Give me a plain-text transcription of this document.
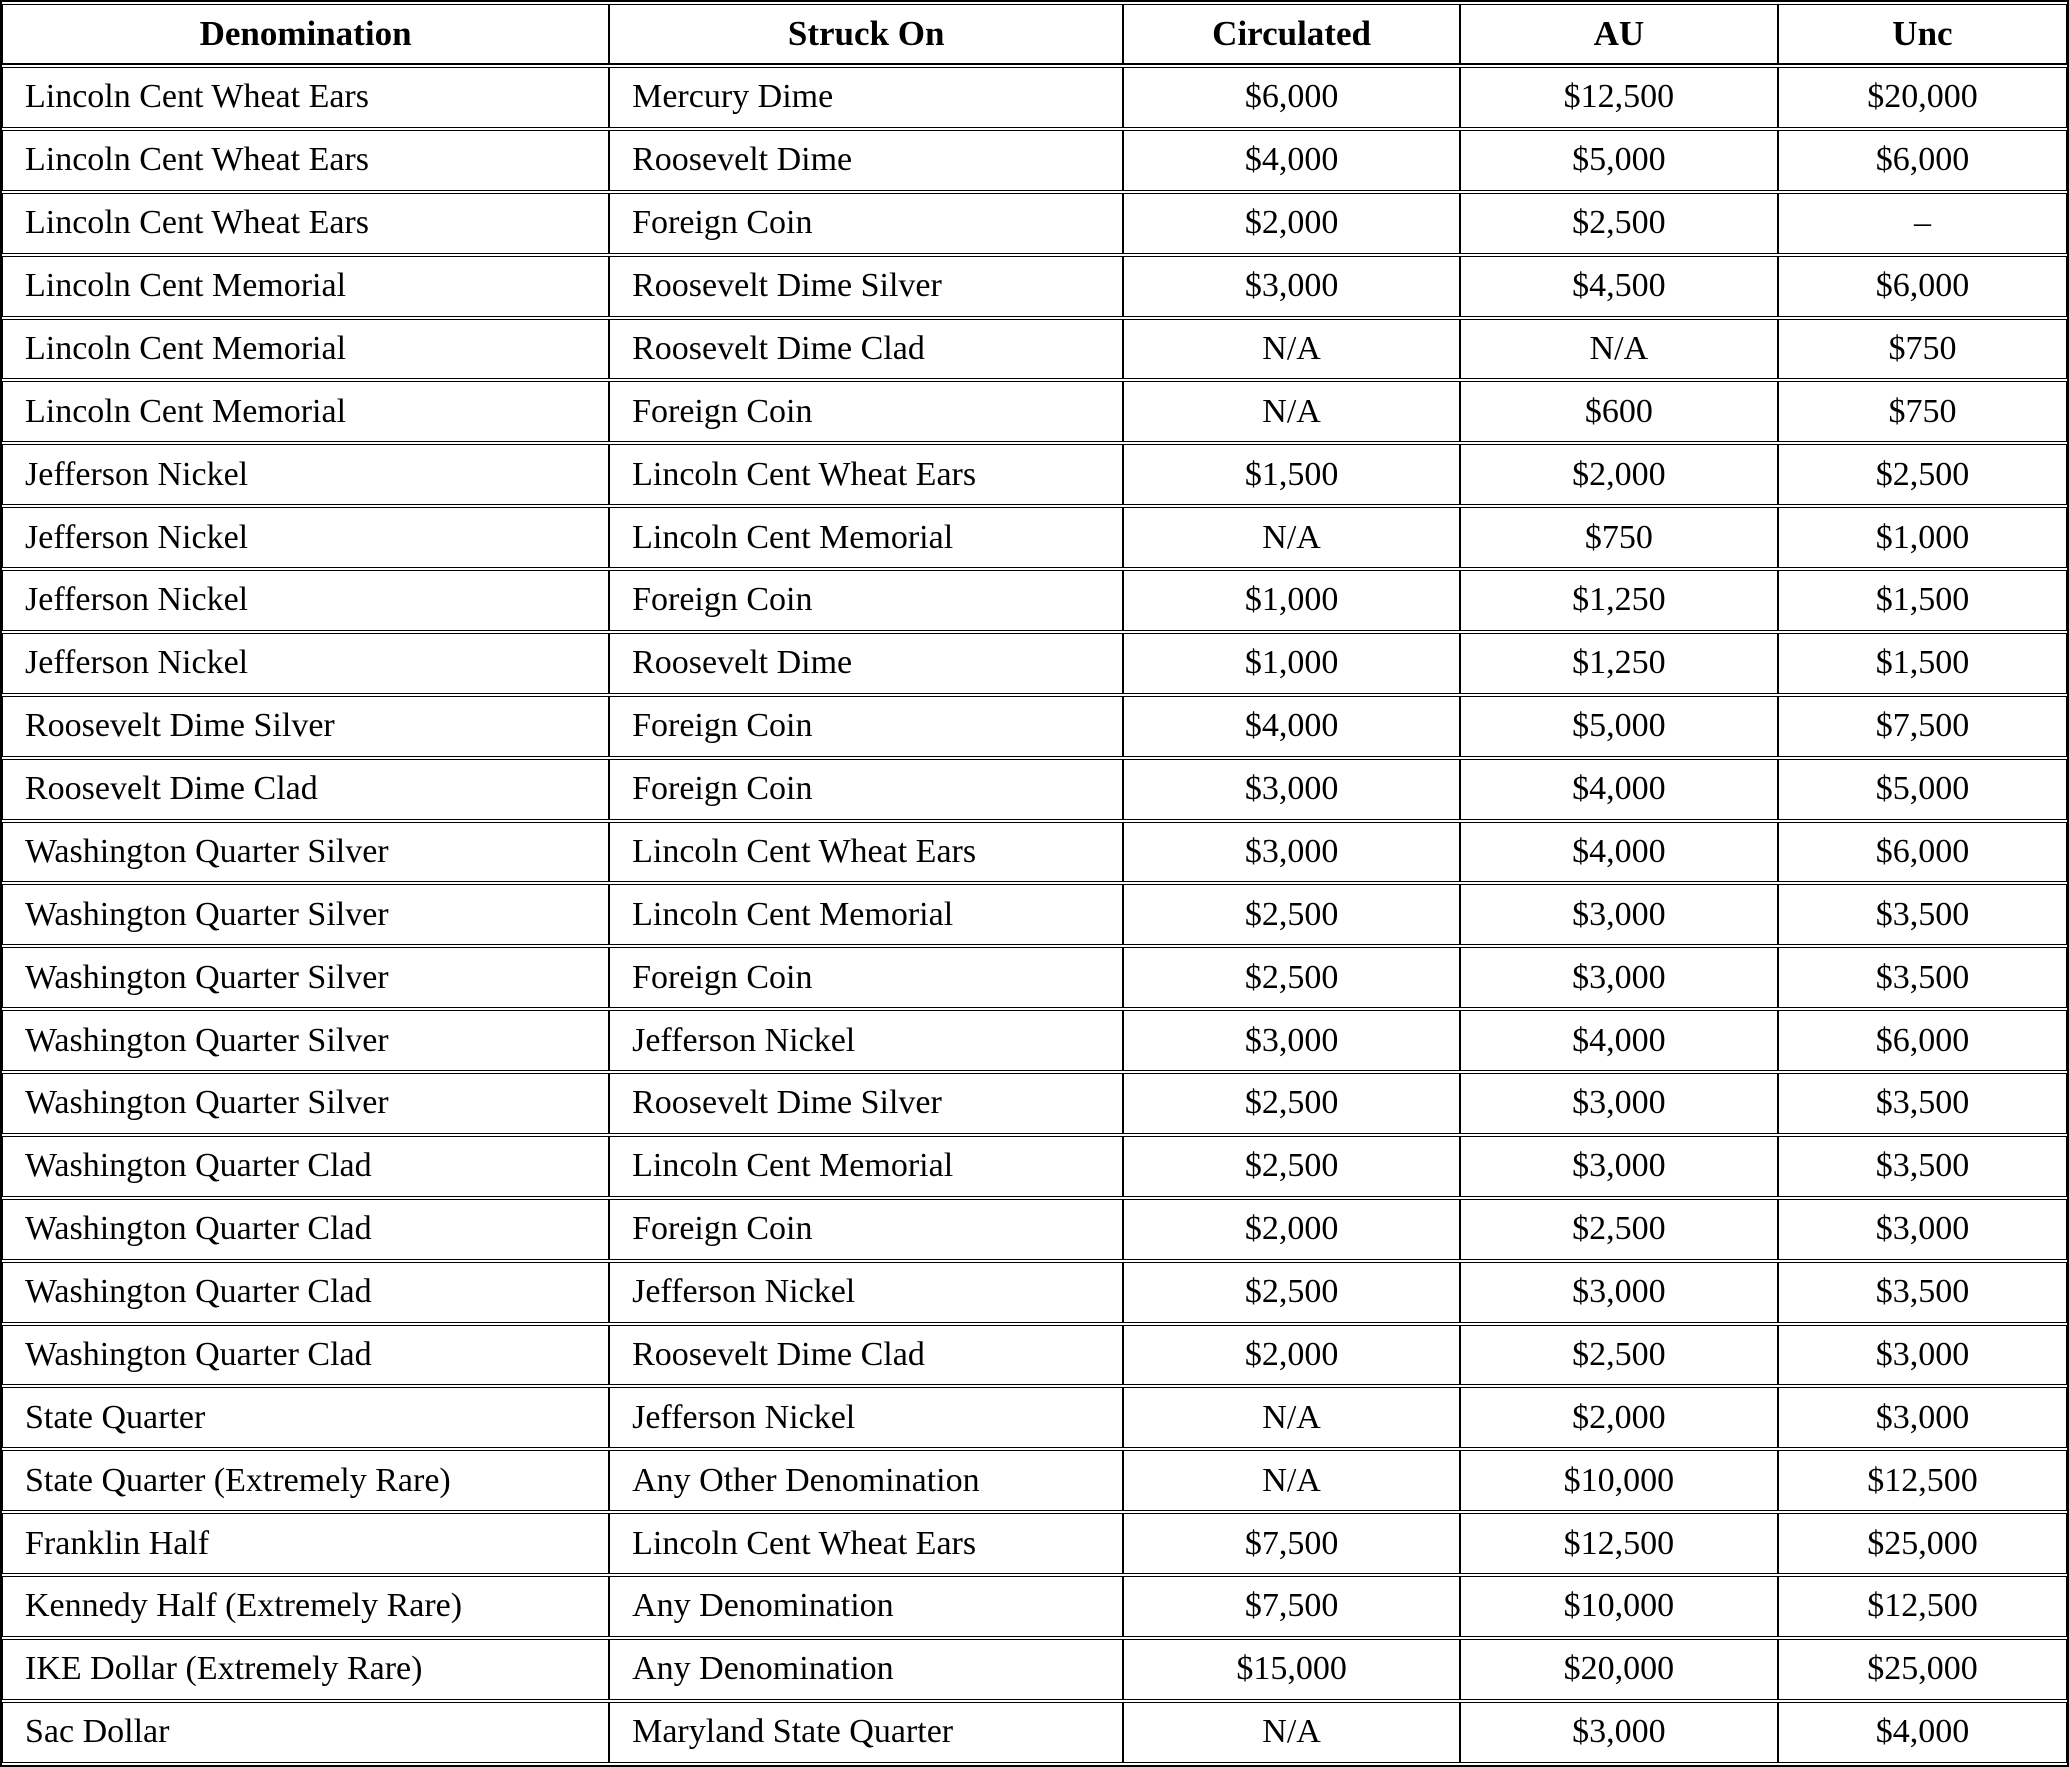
Denomination	Struck On	Circulated	AU	Unc
Lincoln Cent Wheat Ears	Mercury Dime	$6,000	$12,500	$20,000
Lincoln Cent Wheat Ears	Roosevelt Dime	$4,000	$5,000	$6,000
Lincoln Cent Wheat Ears	Foreign Coin	$2,000	$2,500	–
Lincoln Cent Memorial	Roosevelt Dime Silver	$3,000	$4,500	$6,000
Lincoln Cent Memorial	Roosevelt Dime Clad	N/A	N/A	$750
Lincoln Cent Memorial	Foreign Coin	N/A	$600	$750
Jefferson Nickel	Lincoln Cent Wheat Ears	$1,500	$2,000	$2,500
Jefferson Nickel	Lincoln Cent Memorial	N/A	$750	$1,000
Jefferson Nickel	Foreign Coin	$1,000	$1,250	$1,500
Jefferson Nickel	Roosevelt Dime	$1,000	$1,250	$1,500
Roosevelt Dime Silver	Foreign Coin	$4,000	$5,000	$7,500
Roosevelt Dime Clad	Foreign Coin	$3,000	$4,000	$5,000
Washington Quarter Silver	Lincoln Cent Wheat Ears	$3,000	$4,000	$6,000
Washington Quarter Silver	Lincoln Cent Memorial	$2,500	$3,000	$3,500
Washington Quarter Silver	Foreign Coin	$2,500	$3,000	$3,500
Washington Quarter Silver	Jefferson Nickel	$3,000	$4,000	$6,000
Washington Quarter Silver	Roosevelt Dime Silver	$2,500	$3,000	$3,500
Washington Quarter Clad	Lincoln Cent Memorial	$2,500	$3,000	$3,500
Washington Quarter Clad	Foreign Coin	$2,000	$2,500	$3,000
Washington Quarter Clad	Jefferson Nickel	$2,500	$3,000	$3,500
Washington Quarter Clad	Roosevelt Dime Clad	$2,000	$2,500	$3,000
State Quarter	Jefferson Nickel	N/A	$2,000	$3,000
State Quarter (Extremely Rare)	Any Other Denomination	N/A	$10,000	$12,500
Franklin Half	Lincoln Cent Wheat Ears	$7,500	$12,500	$25,000
Kennedy Half (Extremely Rare)	Any Denomination	$7,500	$10,000	$12,500
IKE Dollar (Extremely Rare)	Any Denomination	$15,000	$20,000	$25,000
Sac Dollar	Maryland State Quarter	N/A	$3,000	$4,000
